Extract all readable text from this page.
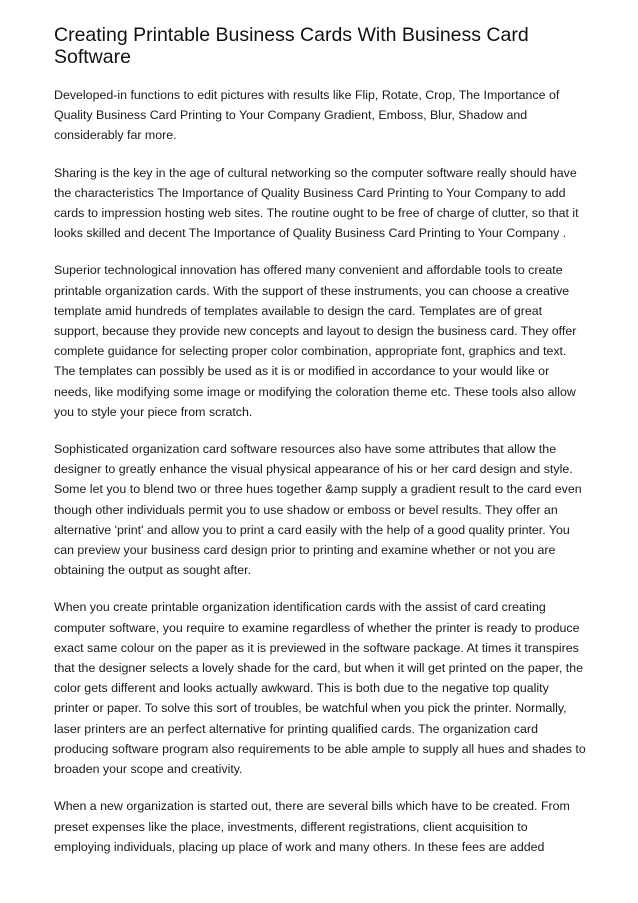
Creating Printable Business Cards With Business Card Software

Developed-in functions to edit pictures with results like Flip, Rotate, Crop, The Importance of Quality Business Card Printing to Your Company Gradient, Emboss, Blur, Shadow and considerably far more.

Sharing is the key in the age of cultural networking so the computer software really should have the characteristics The Importance of Quality Business Card Printing to Your Company to add cards to impression hosting web sites. The routine ought to be free of charge of clutter, so that it looks skilled and decent The Importance of Quality Business Card Printing to Your Company .

Superior technological innovation has offered many convenient and affordable tools to create printable organization cards. With the support of these instruments, you can choose a creative template amid hundreds of templates available to design the card. Templates are of great support, because they provide new concepts and layout to design the business card. They offer complete guidance for selecting proper color combination, appropriate font, graphics and text. The templates can possibly be used as it is or modified in accordance to your would like or needs, like modifying some image or modifying the coloration theme etc. These tools also allow you to style your piece from scratch.

Sophisticated organization card software resources also have some attributes that allow the designer to greatly enhance the visual physical appearance of his or her card design and style. Some let you to blend two or three hues together &amp supply a gradient result to the card even though other individuals permit you to use shadow or emboss or bevel results. They offer an alternative 'print' and allow you to print a card easily with the help of a good quality printer. You can preview your business card design prior to printing and examine whether or not you are obtaining the output as sought after.

When you create printable organization identification cards with the assist of card creating computer software, you require to examine regardless of whether the printer is ready to produce exact same colour on the paper as it is previewed in the software package. At times it transpires that the designer selects a lovely shade for the card, but when it will get printed on the paper, the color gets different and looks actually awkward. This is both due to the negative top quality printer or paper. To solve this sort of troubles, be watchful when you pick the printer. Normally, laser printers are an perfect alternative for printing qualified cards. The organization card producing software program also requirements to be able ample to supply all hues and shades to broaden your scope and creativity.

When a new organization is started out, there are several bills which have to be created. From preset expenses like the place, investments, different registrations, client acquisition to employing individuals, placing up place of work and many others. In these fees are added
